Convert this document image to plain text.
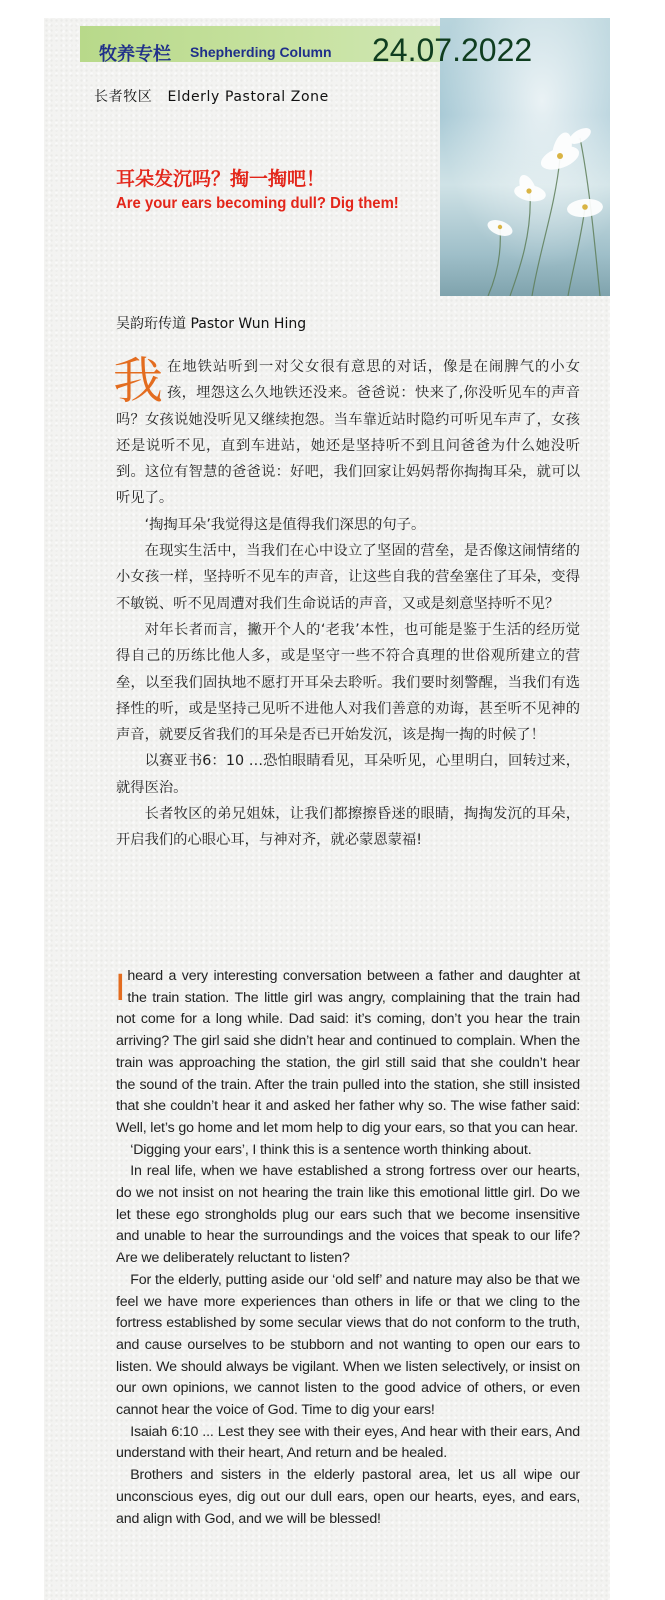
牧养专栏 Shepherding Column 24.07.2022
长者牧区   Elderly Pastoral Zone
耳朵发沉吗？掏一掏吧！
Are your ears becoming dull? Dig them!
吴韵珩传道 Pastor Wun Hing

我在地铁站听到一对父女很有意思的对话，像是在闹脾气的小女孩，埋怨这么久地铁还没来。爸爸说：快来了,你没听见车的声音吗？女孩说她没听见又继续抱怨。当车靠近站时隐约可听见车声了，女孩还是说听不见，直到车进站，她还是坚持听不到且问爸爸为什么她没听到。这位有智慧的爸爸说：好吧，我们回家让妈妈帮你掏掏耳朵，就可以听见了。

‘掏掏耳朵’我觉得这是值得我们深思的句子。

在现实生活中，当我们在心中设立了坚固的营垒，是否像这闹情绪的小女孩一样，坚持听不见车的声音，让这些自我的营垒塞住了耳朵，变得不敏锐、听不见周遭对我们生命说话的声音，又或是刻意坚持听不见？

对年长者而言，撇开个人的‘老我’本性，也可能是鉴于生活的经历觉得自己的历练比他人多，或是坚守一些不符合真理的世俗观所建立的营垒，以至我们固执地不愿打开耳朵去聆听。我们要时刻警醒，当我们有选择性的听，或是坚持己见听不进他人对我们善意的劝诲，甚至听不见神的声音，就要反省我们的耳朵是否已开始发沉，该是掏一掏的时候了！

以赛亚书6：10 …恐怕眼睛看见，耳朵听见，心里明白，回转过来，就得医治。

长者牧区的弟兄姐妹，让我们都擦擦昏迷的眼睛，掏掏发沉的耳朵，开启我们的心眼心耳，与神对齐，就必蒙恩蒙福!

I heard a very interesting conversation between a father and daughter at the train station. The little girl was angry, complaining that the train had not come for a long while. Dad said: it’s coming, don’t you hear the train arriving? The girl said she didn’t hear and continued to complain. When the train was approaching the station, the girl still said that she couldn’t hear the sound of the train. After the train pulled into the station, she still insisted that she couldn’t hear it and asked her father why so. The wise father said: Well, let’s go home and let mom help to dig your ears, so that you can hear.

‘Digging your ears’, I think this is a sentence worth thinking about.

In real life, when we have established a strong fortress over our hearts, do we not insist on not hearing the train like this emotional little girl. Do we let these ego strongholds plug our ears such that we become insensitive and unable to hear the surroundings and the voices that speak to our life? Are we deliberately reluctant to listen?

For the elderly, putting aside our ‘old self’ and nature may also be that we feel we have more experiences than others in life or that we cling to the fortress established by some secular views that do not conform to the truth, and cause ourselves to be stubborn and not wanting to open our ears to listen. We should always be vigilant. When we listen selectively, or insist on our own opinions, we cannot listen to the good advice of others, or even cannot hear the voice of God. Time to dig your ears!

Isaiah 6:10 ... Lest they see with their eyes, And hear with their ears, And understand with their heart, And return and be healed.

Brothers and sisters in the elderly pastoral area, let us all wipe our unconscious eyes, dig out our dull ears, open our hearts, eyes, and ears, and align with God, and we will be blessed!
